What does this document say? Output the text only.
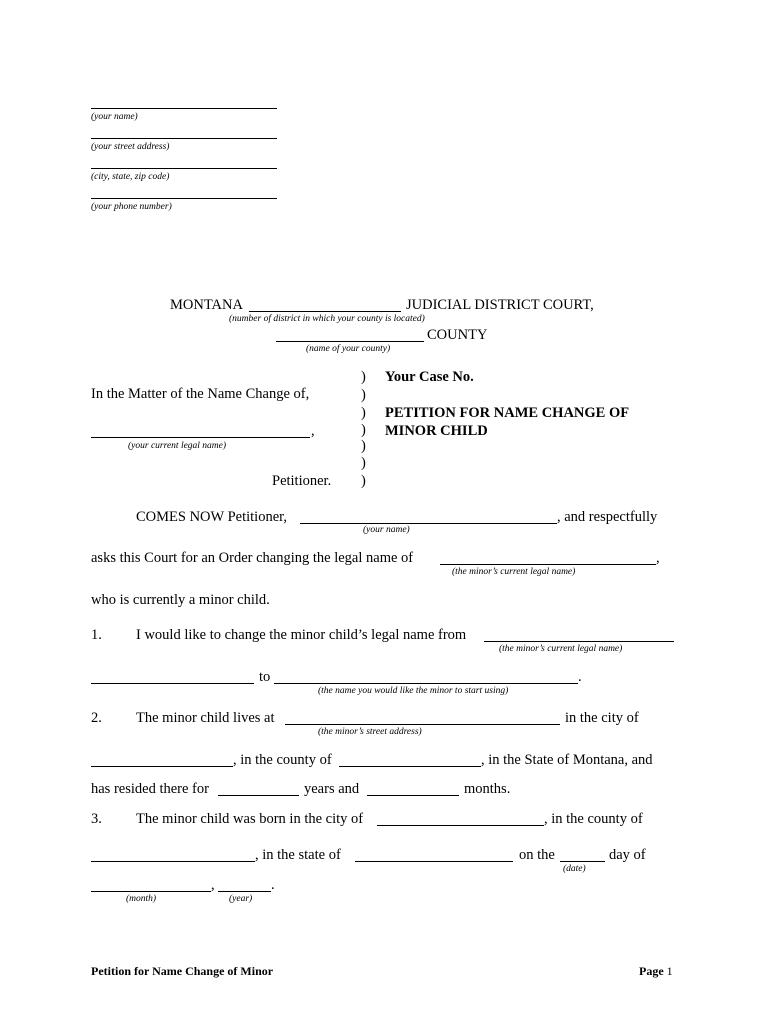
(your name)
(your street address)
(city, state, zip code)
(your phone number)
MONTANA	JUDICIAL DISTRICT COURT,
(number of district in which your county is located)
COUNTY
(name of your county)
In the Matter of the Name Change of,
,
(your current legal name)
Petitioner.
)
)
)
)
)
)
)
Your Case No.
PETITION FOR NAME CHANGE OF
MINOR CHILD
COMES NOW Petitioner,	, and respectfully
(your name)
asks this Court for an Order changing the legal name of	,
(the minor’s current legal name)
who is currently a minor child.
1. I would like to change the minor child’s legal name from
(the minor’s current legal name)
to	.
(the name you would like the minor to start using)
2. The minor child lives at	in the city of
(the minor’s street address)
, in the county of	, in the State of Montana, and
has resided there for	years and	months.
3. The minor child was born in the city of	, in the county of
, in the state of	on the	day of
(date)
,	.
(month)	(year)
Petition for Name Change of Minor	Page 1
